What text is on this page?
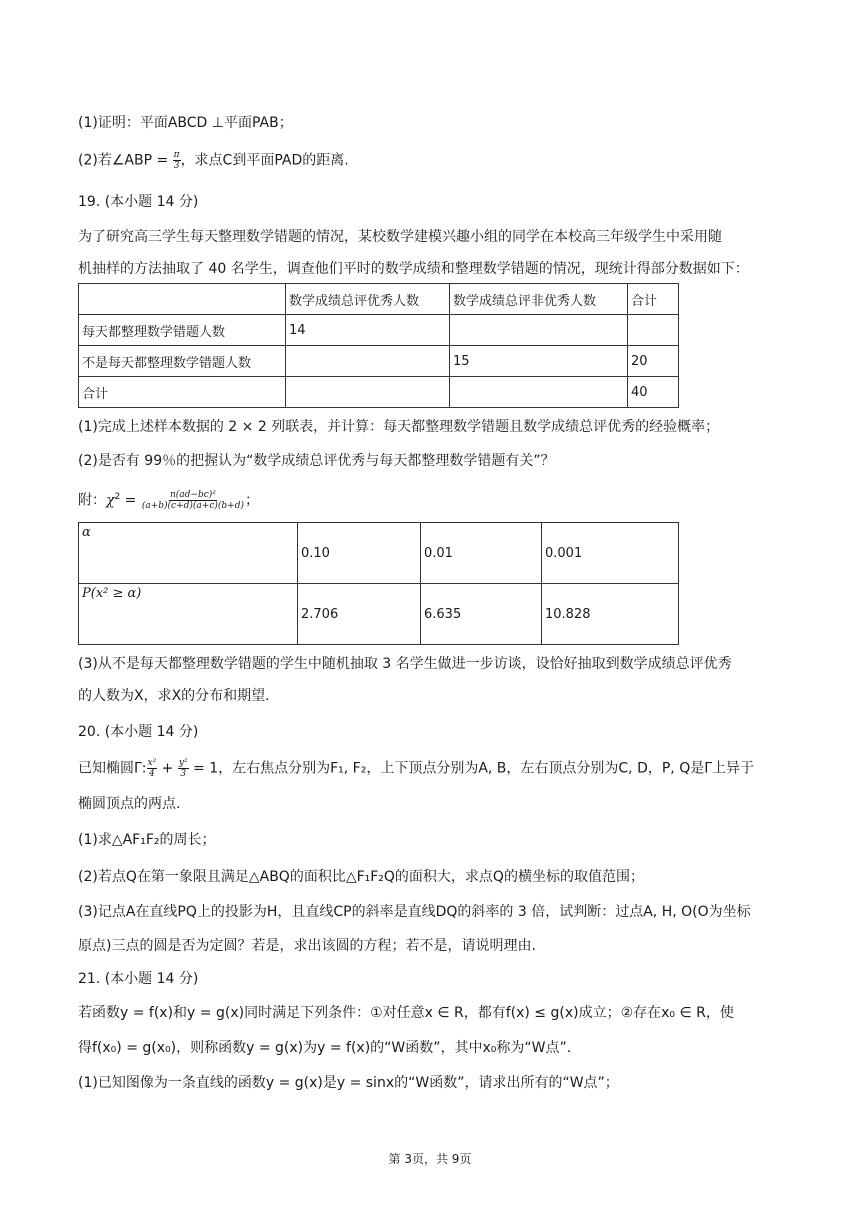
(1)证明：平面ABCD ⊥平面PAB；
(2)若∠ABP = $\frac{\pi}{3}$ ，求点C到平面PAD的距离.
19. (本小题 14 分)
为了研究高三学生每天整理数学错题的情况，某校数学建模兴趣小组的同学在本校高三年级学生中采用随
机抽样的方法抽取了 40 名学生，调查他们平时的数学成绩和整理数学错题的情况，现统计得部分数据如下：
	数学成绩总评优秀人数	数学成绩总评非优秀人数	合计
每天都整理数学错题人数	14		
不是每天都整理数学错题人数		15	20
合计			40
(1)完成上述样本数据的 2 × 2 列联表，并计算：每天都整理数学错题且数学成绩总评优秀的经验概率；
(2)是否有 99％的把握认为“数学成绩总评优秀与每天都整理数学错题有关”？
附：$\chi^2 = \frac{\text{n(ad−bc)²}}{(a+b)(c+d)(a+c)(b+d)}$ ；
α	0.10	0.01	0.001
P(x² ≥ α)	2.706	6.635	10.828
(3)从不是每天都整理数学错题的学生中随机抽取 3 名学生做进一步访谈，设恰好抽取到数学成绩总评优秀
的人数为X，求X的分布和期望.
20. (本小题 14 分)
已知椭圆Γ: $\frac{\text{x²}}{4} + \frac{\text{y²}}{3} = 1$，左右焦点分别为F₁, F₂，上下顶点分别为A, B，左右顶点分别为C, D，P, Q是Γ上异于
椭圆顶点的两点.
(1)求△AF₁F₂的周长；
(2)若点Q在第一象限且满足△ABQ的面积比△F₁F₂Q的面积大，求点Q的横坐标的取值范围；
(3)记点A在直线PQ上的投影为H，且直线CP的斜率是直线DQ的斜率的 3 倍，试判断：过点A, H, O(O为坐标
原点)三点的圆是否为定圆？若是，求出该圆的方程；若不是，请说明理由.
21. (本小题 14 分)
若函数y = f(x)和y = g(x)同时满足下列条件：①对任意x ∈ R，都有f(x) ≤ g(x)成立；②存在x₀ ∈ R，使
得f(x₀) = g(x₀)，则称函数y = g(x)为y = f(x)的“W函数”，其中x₀称为“W点”.
(1)已知图像为一条直线的函数y = g(x)是y = sinx的“W函数”，请求出所有的“W点”；
第 3页，共 9页
